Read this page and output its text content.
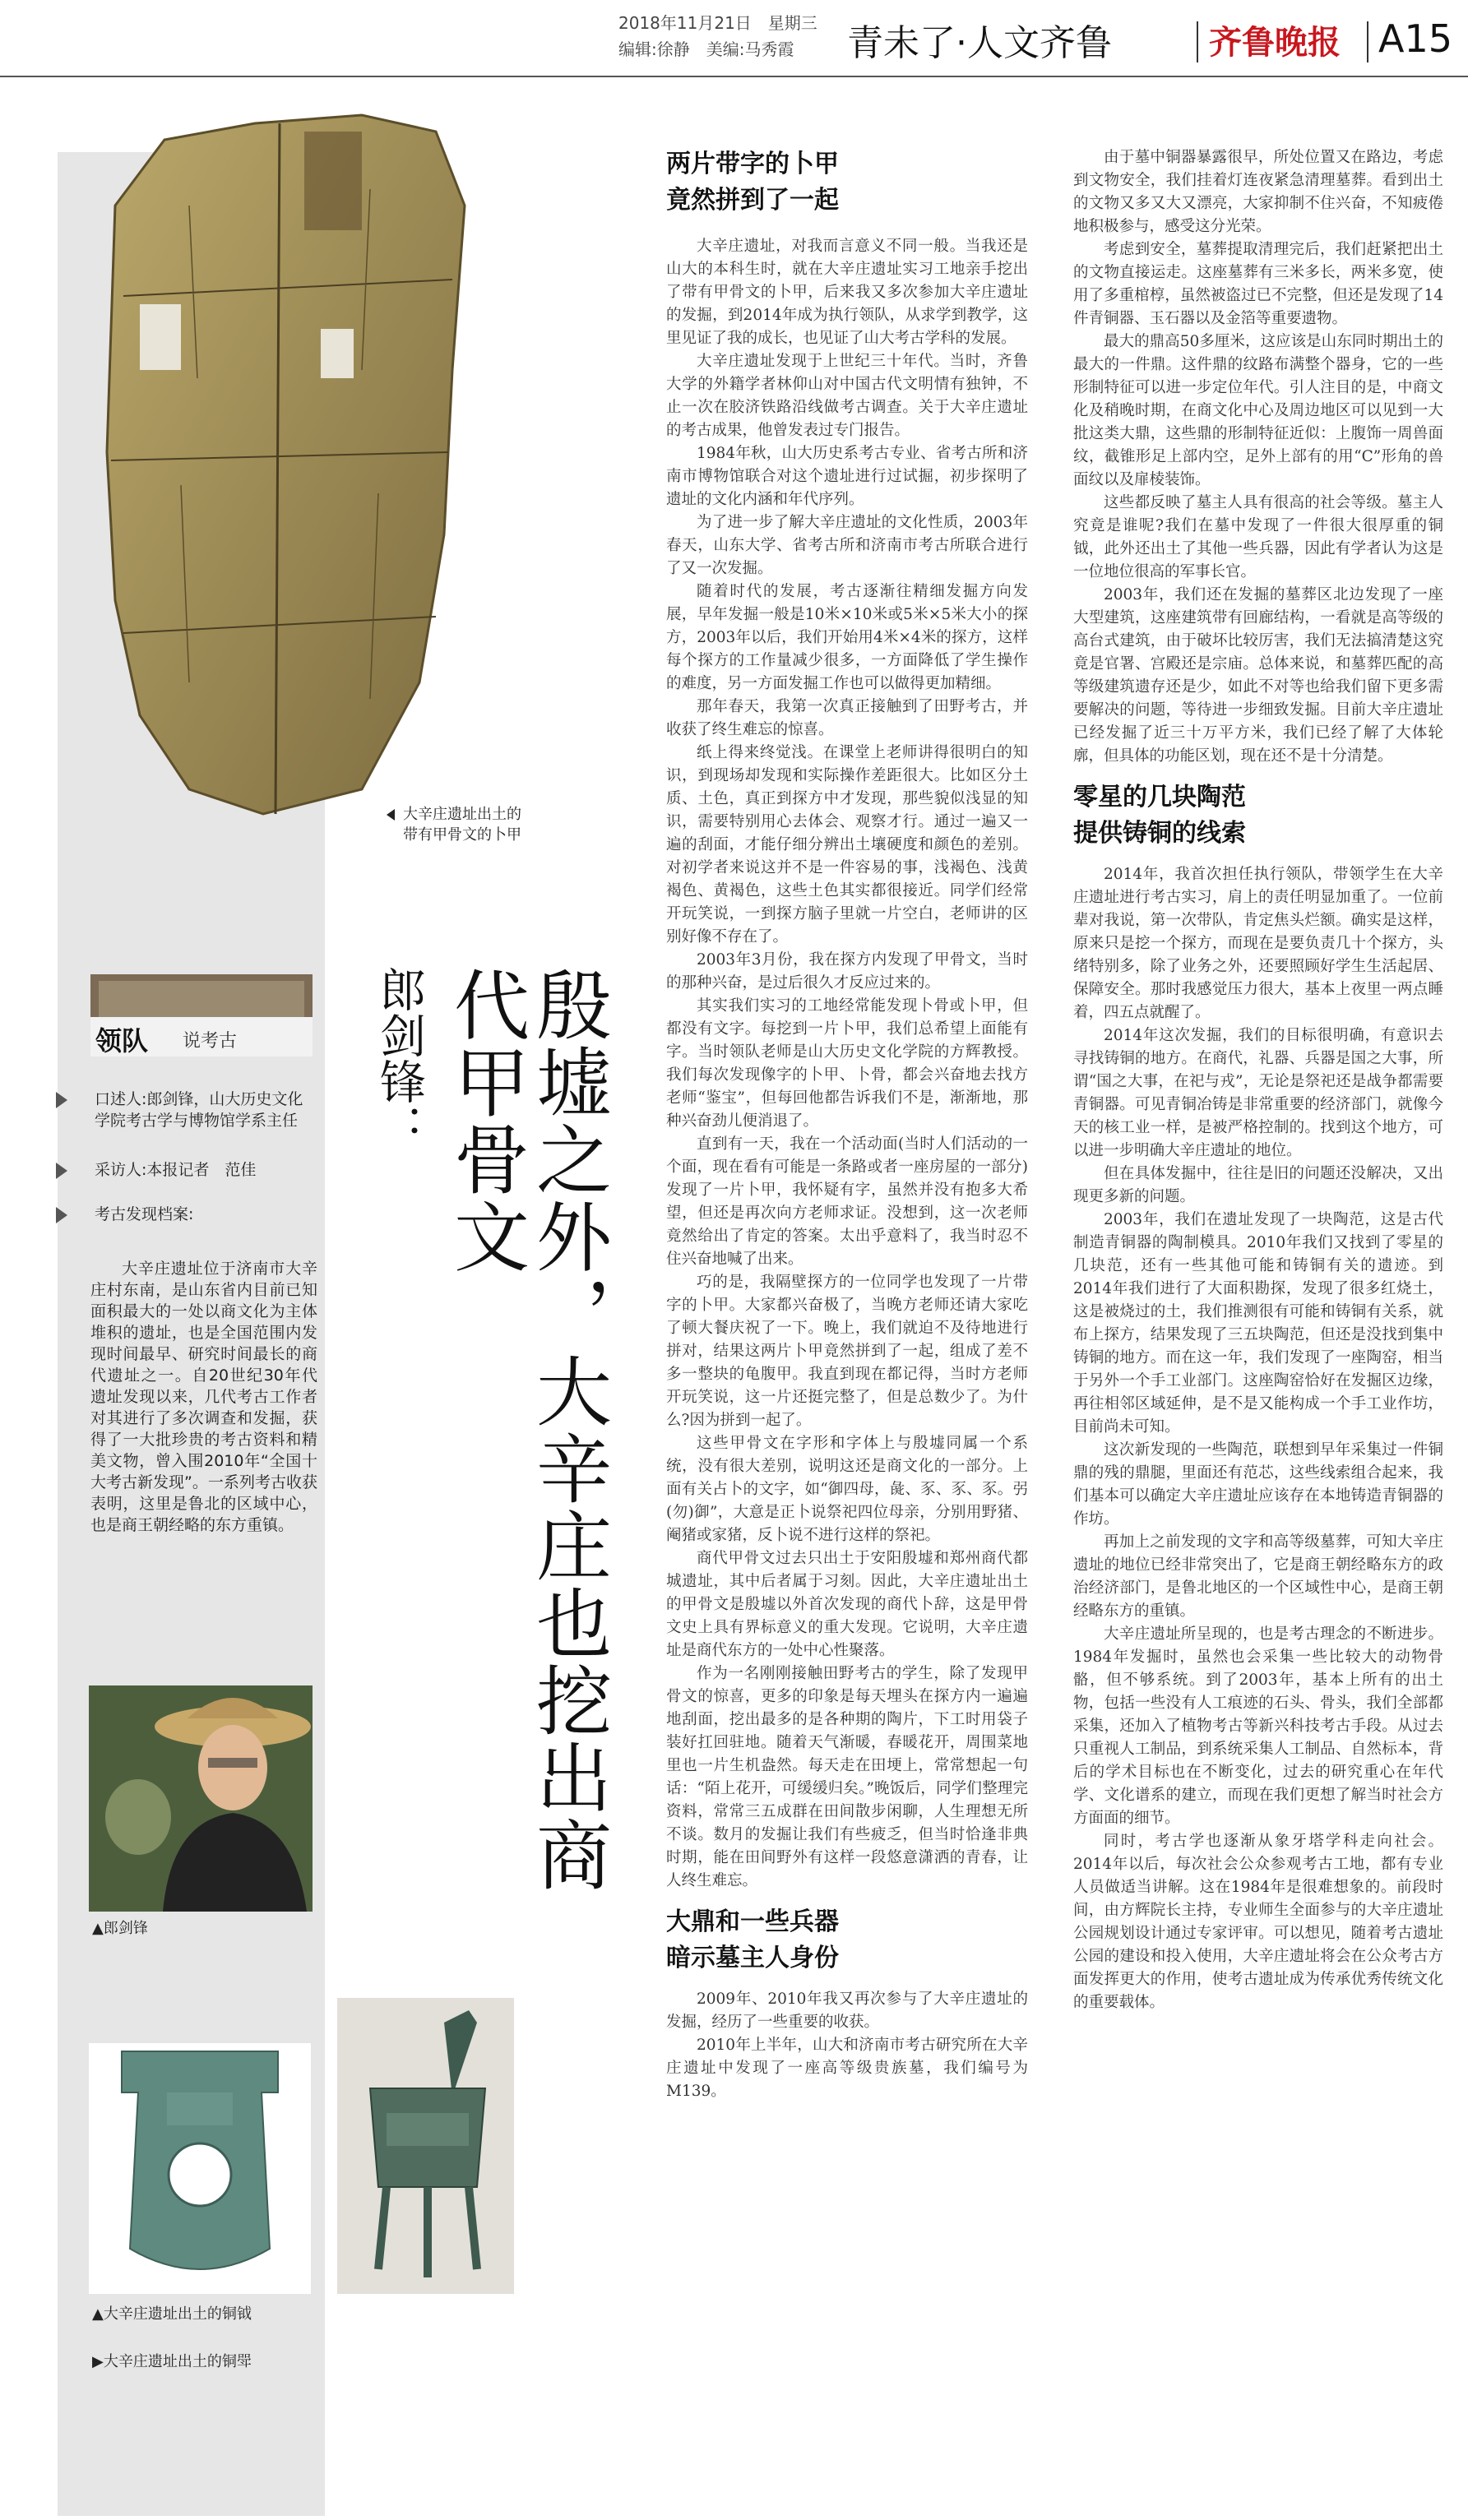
2018年11月21日　星期三
编辑:徐静　美编:马秀霞	青未了·人文齐鲁	齐鲁晚报	A15
大辛庄遗址出土的带有甲骨文的卜甲
领队 说考古
口述人:郎剑锋，山大历史文化学院考古学与博物馆学系主任
采访人:本报记者　范佳
考古发现档案:
大辛庄遗址位于济南市大辛庄村东南，是山东省内目前已知面积最大的一处以商文化为主体堆积的遗址，也是全国范围内发现时间最早、研究时间最长的商代遗址之一。自20世纪30年代遗址发现以来，几代考古工作者对其进行了多次调查和发掘，获得了一大批珍贵的考古资料和精美文物，曾入围2010年“全国十大考古新发现”。一系列考古收获表明，这里是鲁北的区域中心，也是商王朝经略的东方重镇。
▲郎剑锋
▲大辛庄遗址出土的铜钺
▶大辛庄遗址出土的铜斝
郎剑锋：	殷墟之外，大辛庄也挖出商代甲骨文
两片带字的卜甲
竟然拼到了一起

大辛庄遗址，对我而言意义不同一般。当我还是山大的本科生时，就在大辛庄遗址实习工地亲手挖出了带有甲骨文的卜甲，后来我又多次参加大辛庄遗址的发掘，到2014年成为执行领队，从求学到教学，这里见证了我的成长，也见证了山大考古学科的发展。

大辛庄遗址发现于上世纪三十年代。当时，齐鲁大学的外籍学者林仰山对中国古代文明情有独钟，不止一次在胶济铁路沿线做考古调查。关于大辛庄遗址的考古成果，他曾发表过专门报告。

1984年秋，山大历史系考古专业、省考古所和济南市博物馆联合对这个遗址进行过试掘，初步探明了遗址的文化内涵和年代序列。

为了进一步了解大辛庄遗址的文化性质，2003年春天，山东大学、省考古所和济南市考古所联合进行了又一次发掘。

随着时代的发展，考古逐渐往精细发掘方向发展，早年发掘一般是10米×10米或5米×5米大小的探方，2003年以后，我们开始用4米×4米的探方，这样每个探方的工作量减少很多，一方面降低了学生操作的难度，另一方面发掘工作也可以做得更加精细。

那年春天，我第一次真正接触到了田野考古，并收获了终生难忘的惊喜。

纸上得来终觉浅。在课堂上老师讲得很明白的知识，到现场却发现和实际操作差距很大。比如区分土质、土色，真正到探方中才发现，那些貌似浅显的知识，需要特别用心去体会、观察才行。通过一遍又一遍的刮面，才能仔细分辨出土壤硬度和颜色的差别。对初学者来说这并不是一件容易的事，浅褐色、浅黄褐色、黄褐色，这些土色其实都很接近。同学们经常开玩笑说，一到探方脑子里就一片空白，老师讲的区别好像不存在了。

2003年3月份，我在探方内发现了甲骨文，当时的那种兴奋，是过后很久才反应过来的。

其实我们实习的工地经常能发现卜骨或卜甲，但都没有文字。每挖到一片卜甲，我们总希望上面能有字。当时领队老师是山大历史文化学院的方辉教授。我们每次发现像字的卜甲、卜骨，都会兴奋地去找方老师“鉴宝”，但每回他都告诉我们不是，渐渐地，那种兴奋劲儿便消退了。

直到有一天，我在一个活动面(当时人们活动的一个面，现在看有可能是一条路或者一座房屋的一部分)发现了一片卜甲，我怀疑有字，虽然并没有抱多大希望，但还是再次向方老师求证。没想到，这一次老师竟然给出了肯定的答案。太出乎意料了，我当时忍不住兴奋地喊了出来。

巧的是，我隔壁探方的一位同学也发现了一片带字的卜甲。大家都兴奋极了，当晚方老师还请大家吃了顿大餐庆祝了一下。晚上，我们就迫不及待地进行拼对，结果这两片卜甲竟然拼到了一起，组成了差不多一整块的龟腹甲。我直到现在都记得，当时方老师开玩笑说，这一片还挺完整了，但是总数少了。为什么?因为拼到一起了。

这些甲骨文在字形和字体上与殷墟同属一个系统，没有很大差别，说明这还是商文化的一部分。上面有关占卜的文字，如“御四母，彘、豕、豕、豕。弜(勿)御”，大意是正卜说祭祀四位母亲，分别用野猪、阉猪或家猪，反卜说不进行这样的祭祀。

商代甲骨文过去只出土于安阳殷墟和郑州商代都城遗址，其中后者属于习刻。因此，大辛庄遗址出土的甲骨文是殷墟以外首次发现的商代卜辞，这是甲骨文史上具有界标意义的重大发现。它说明，大辛庄遗址是商代东方的一处中心性聚落。

作为一名刚刚接触田野考古的学生，除了发现甲骨文的惊喜，更多的印象是每天埋头在探方内一遍遍地刮面，挖出最多的是各种期的陶片，下工时用袋子装好扛回驻地。随着天气渐暖，春暖花开，周围菜地里也一片生机盎然。每天走在田埂上，常常想起一句话：“陌上花开，可缓缓归矣。”晚饭后，同学们整理完资料，常常三五成群在田间散步闲聊，人生理想无所不谈。数月的发掘让我们有些疲乏，但当时恰逢非典时期，能在田间野外有这样一段悠意潇洒的青春，让人终生难忘。

大鼎和一些兵器
暗示墓主人身份

2009年、2010年我又再次参与了大辛庄遗址的发掘，经历了一些重要的收获。

2010年上半年，山大和济南市考古研究所在大辛庄遗址中发现了一座高等级贵族墓，我们编号为M139。

由于墓中铜器暴露很早，所处位置又在路边，考虑到文物安全，我们挂着灯连夜紧急清理墓葬。看到出土的文物又多又大又漂亮，大家抑制不住兴奋，不知疲倦地积极参与，感受这分光荣。

考虑到安全，墓葬提取清理完后，我们赶紧把出土的文物直接运走。这座墓葬有三米多长，两米多宽，使用了多重棺椁，虽然被盗过已不完整，但还是发现了14件青铜器、玉石器以及金箔等重要遗物。

最大的鼎高50多厘米，这应该是山东同时期出土的最大的一件鼎。这件鼎的纹路布满整个器身，它的一些形制特征可以进一步定位年代。引人注目的是，中商文化及稍晚时期，在商文化中心及周边地区可以见到一大批这类大鼎，这些鼎的形制特征近似：上腹饰一周兽面纹，截锥形足上部内空，足外上部有的用“C”形角的兽面纹以及扉棱装饰。

这些都反映了墓主人具有很高的社会等级。墓主人究竟是谁呢?我们在墓中发现了一件很大很厚重的铜钺，此外还出土了其他一些兵器，因此有学者认为这是一位地位很高的军事长官。

2003年，我们还在发掘的墓葬区北边发现了一座大型建筑，这座建筑带有回廊结构，一看就是高等级的高台式建筑，由于破坏比较厉害，我们无法搞清楚这究竟是官署、宫殿还是宗庙。总体来说，和墓葬匹配的高等级建筑遗存还是少，如此不对等也给我们留下更多需要解决的问题，等待进一步细致发掘。目前大辛庄遗址已经发掘了近三十万平方米，我们已经了解了大体轮廓，但具体的功能区划，现在还不是十分清楚。

零星的几块陶范
提供铸铜的线索

2014年，我首次担任执行领队，带领学生在大辛庄遗址进行考古实习，肩上的责任明显加重了。一位前辈对我说，第一次带队，肯定焦头烂额。确实是这样，原来只是挖一个探方，而现在是要负责几十个探方，头绪特别多，除了业务之外，还要照顾好学生生活起居、保障安全。那时我感觉压力很大，基本上夜里一两点睡着，四五点就醒了。

2014年这次发掘，我们的目标很明确，有意识去寻找铸铜的地方。在商代，礼器、兵器是国之大事，所谓“国之大事，在祀与戎”，无论是祭祀还是战争都需要青铜器。可见青铜冶铸是非常重要的经济部门，就像今天的核工业一样，是被严格控制的。找到这个地方，可以进一步明确大辛庄遗址的地位。

但在具体发掘中，往往是旧的问题还没解决，又出现更多新的问题。

2003年，我们在遗址发现了一块陶范，这是古代制造青铜器的陶制模具。2010年我们又找到了零星的几块范，还有一些其他可能和铸铜有关的遗迹。到2014年我们进行了大面积勘探，发现了很多红烧土，这是被烧过的土，我们推测很有可能和铸铜有关系，就布上探方，结果发现了三五块陶范，但还是没找到集中铸铜的地方。而在这一年，我们发现了一座陶窑，相当于另外一个手工业部门。这座陶窑恰好在发掘区边缘，再往相邻区域延伸，是不是又能构成一个手工业作坊，目前尚未可知。

这次新发现的一些陶范，联想到早年采集过一件铜鼎的残的鼎腿，里面还有范芯，这些线索组合起来，我们基本可以确定大辛庄遗址应该存在本地铸造青铜器的作坊。

再加上之前发现的文字和高等级墓葬，可知大辛庄遗址的地位已经非常突出了，它是商王朝经略东方的政治经济部门，是鲁北地区的一个区域性中心，是商王朝经略东方的重镇。

大辛庄遗址所呈现的，也是考古理念的不断进步。1984年发掘时，虽然也会采集一些比较大的动物骨骼，但不够系统。到了2003年，基本上所有的出土物，包括一些没有人工痕迹的石头、骨头，我们全部都采集，还加入了植物考古等新兴科技考古手段。从过去只重视人工制品，到系统采集人工制品、自然标本，背后的学术目标也在不断变化，过去的研究重心在年代学、文化谱系的建立，而现在我们更想了解当时社会方方面面的细节。

同时，考古学也逐渐从象牙塔学科走向社会。2014年以后，每次社会公众参观考古工地，都有专业人员做适当讲解。这在1984年是很难想象的。前段时间，由方辉院长主持，专业师生全面参与的大辛庄遗址公园规划设计通过专家评审。可以想见，随着考古遗址公园的建设和投入使用，大辛庄遗址将会在公众考古方面发挥更大的作用，使考古遗址成为传承优秀传统文化的重要载体。
